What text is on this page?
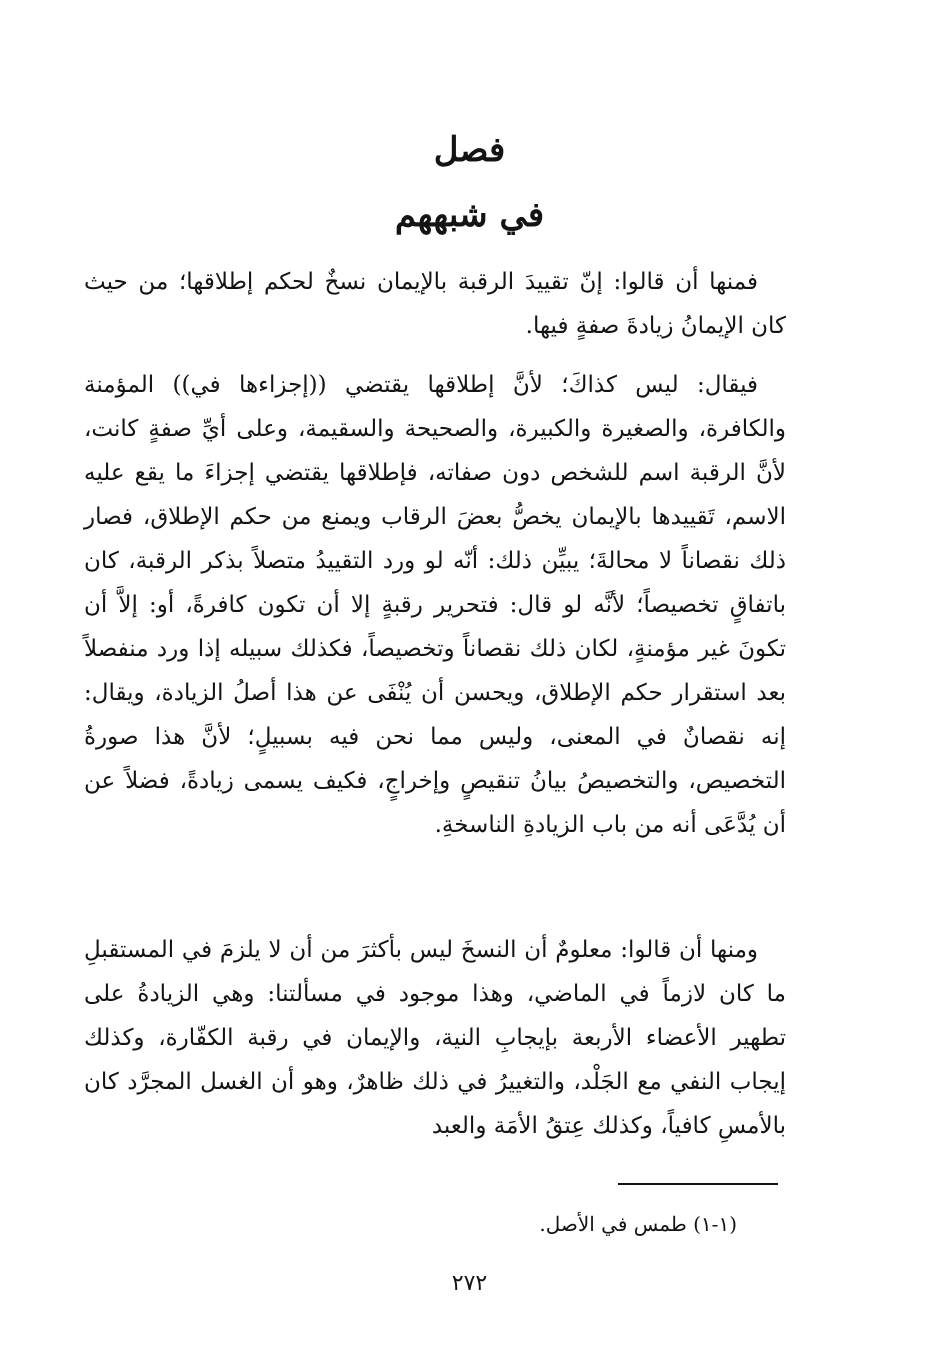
فصل
في شبههم

فمنها أن قالوا: إنّ تقييدَ الرقبة بالإيمان نسخٌ لحكم إطلاقها؛ من حيث كان الإيمانُ زيادةَ صفةٍ فيها.

فيقال: ليس كذاكَ؛ لأنَّ إطلاقها يقتضي ((إجزاءها في)) المؤمنة والكافرة، والصغيرة والكبيرة، والصحيحة والسقيمة، وعلى أيِّ صفةٍ كانت، لأنَّ الرقبة اسم للشخص دون صفاته، فإطلاقها يقتضي إجزاءَ ما يقع عليه الاسم، تَقييدها بالإيمان يخصُّ بعضَ الرقاب ويمنع من حكم الإطلاق، فصار ذلك نقصاناً لا محالةَ؛ يبيِّن ذلك: أنّه لو ورد التقييدُ متصلاً بذكر الرقبة، كان باتفاقٍ تخصيصاً؛ لأنَّه لو قال: فتحرير رقبةٍ إلا أن تكون كافرةً، أو: إلاَّ أن تكونَ غير مؤمنةٍ، لكان ذلك نقصاناً وتخصيصاً، فكذلك سبيله إذا ورد منفصلاً بعد استقرار حكم الإطلاق، ويحسن أن يُنْفَى عن هذا أصلُ الزيادة، ويقال: إنه نقصانٌ في المعنى، وليس مما نحن فيه بسبيلٍ؛ لأنَّ هذا صورةُ التخصيص، والتخصيصُ بيانُ تنقيصٍ وإخراجٍ، فكيف يسمى زيادةً، فضلاً عن أن يُدَّعَى أنه من باب الزيادةِ الناسخةِ.

ومنها أن قالوا: معلومٌ أن النسخَ ليس بأكثرَ من أن لا يلزمَ في المستقبلِ ما كان لازماً في الماضي، وهذا موجود في مسألتنا: وهي الزيادةُ على تطهير الأعضاء الأربعة بإيجابِ النية، والإيمان في رقبة الكفّارة، وكذلك إيجاب النفي مع الجَلْد، والتغييرُ في ذلك ظاهرٌ، وهو أن الغسل المجرَّد كان بالأمسِ كافياً، وكذلك عِتقُ الأمَة والعبد

(١-١) طمس في الأصل.
٢٧٢
